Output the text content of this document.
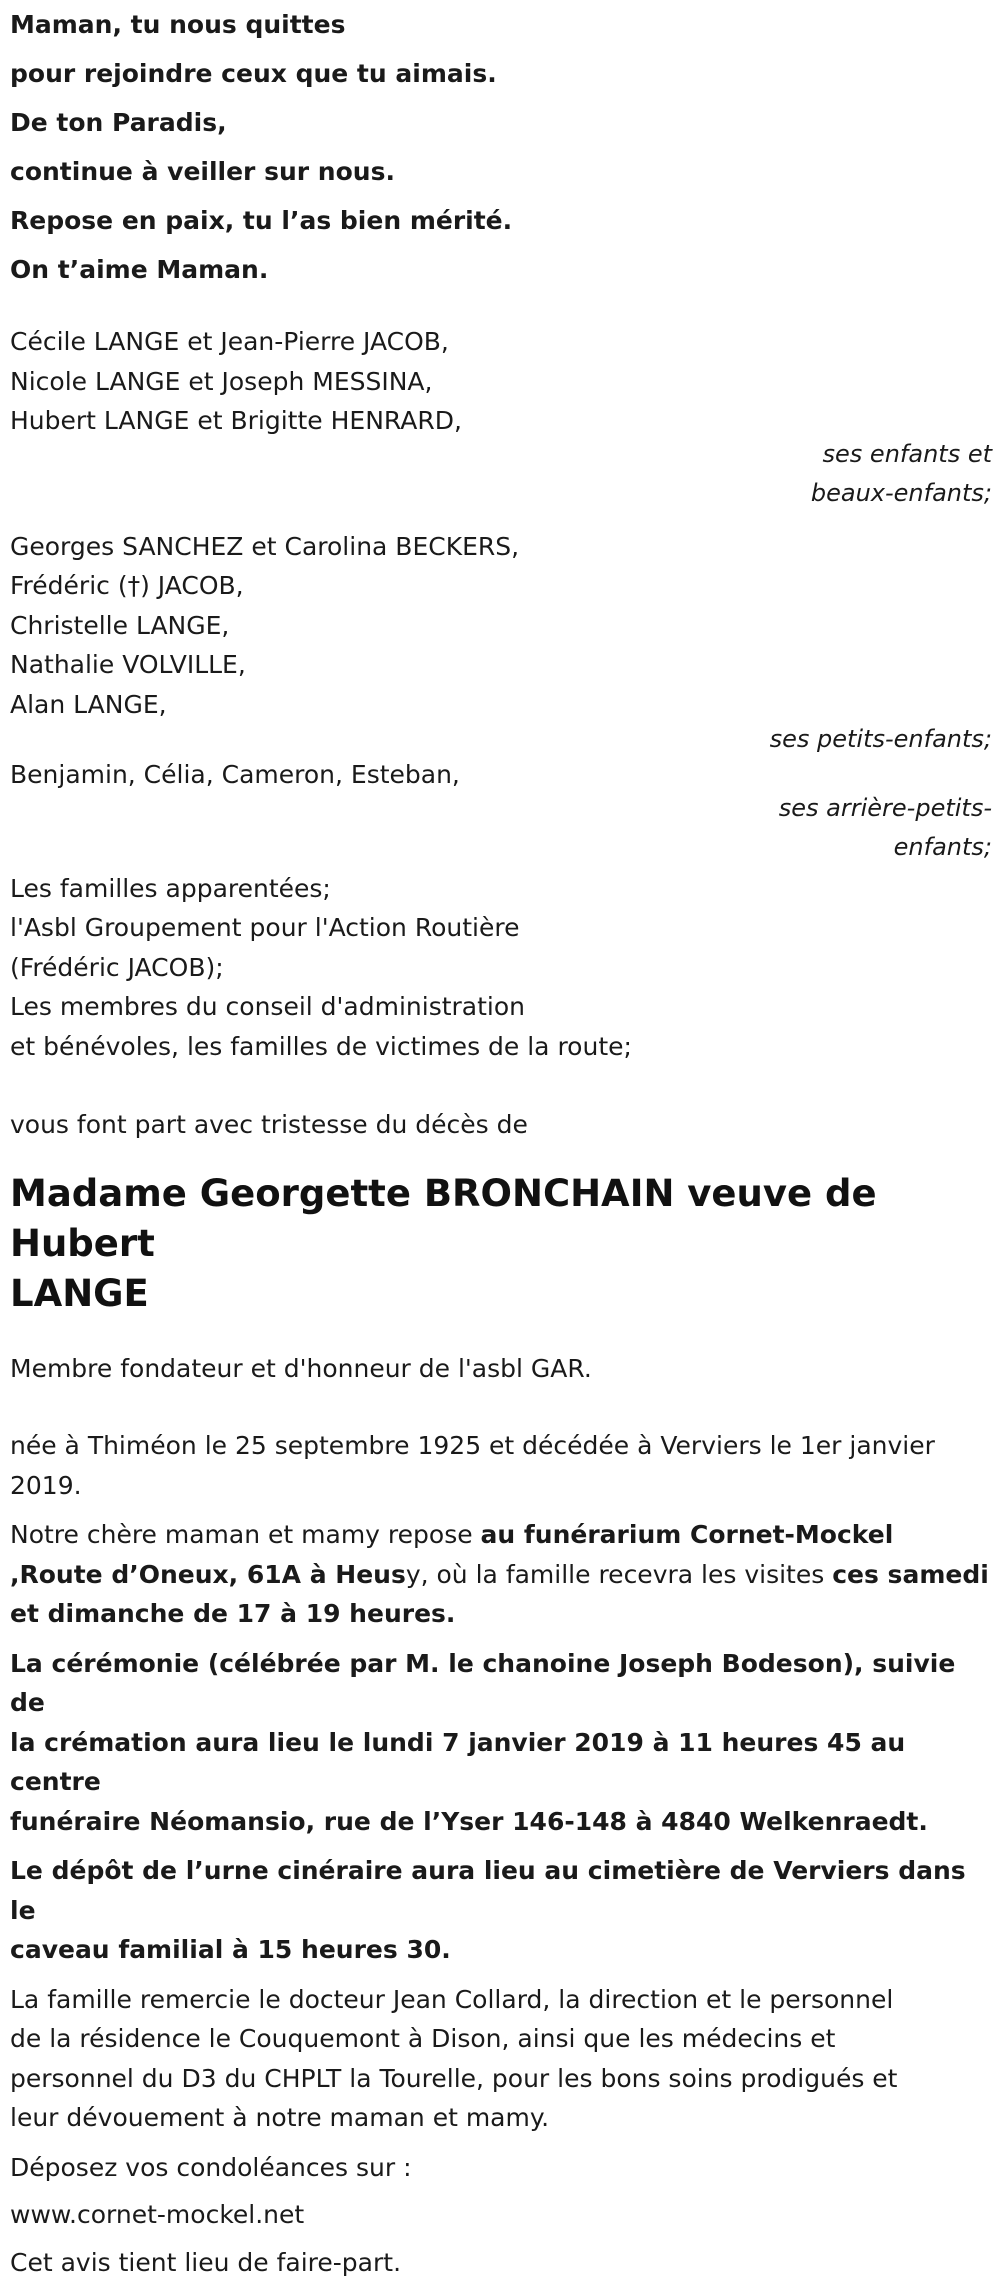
Maman, tu nous quittes

pour rejoindre ceux que tu aimais.

De ton Paradis,

continue à veiller sur nous.

Repose en paix, tu l’as bien mérité.

On t’aime Maman.

Cécile LANGE et Jean-Pierre JACOB,

Nicole LANGE et Joseph MESSINA,

Hubert LANGE et Brigitte HENRARD,

ses enfants et

beaux-enfants;

Georges SANCHEZ et Carolina BECKERS,

Frédéric (†) JACOB,

Christelle LANGE,

Nathalie VOLVILLE,

Alan LANGE,

ses petits-enfants;

Benjamin, Célia, Cameron, Esteban,

ses arrière-petits-

enfants;

Les familles apparentées;

l'Asbl Groupement pour l'Action Routière

(Frédéric JACOB);

Les membres du conseil d'administration

et bénévoles, les familles de victimes de la route;

vous font part avec tristesse du décès de

Madame Georgette BRONCHAIN veuve de Hubert

LANGE

Membre fondateur et d'honneur de l'asbl GAR.

née à Thiméon le 25 septembre 1925 et décédée à Verviers le 1er janvier

2019.

Notre chère maman et mamy repose au funérarium Cornet-Mockel

,Route d’Oneux, 61A à Heusy, où la famille recevra les visites ces samedi

et dimanche de 17 à 19 heures.

La cérémonie (célébrée par M. le chanoine Joseph Bodeson), suivie de

la crémation aura lieu le lundi 7 janvier 2019 à 11 heures 45 au centre

funéraire Néomansio, rue de l’Yser 146-148 à 4840 Welkenraedt.

Le dépôt de l’urne cinéraire aura lieu au cimetière de Verviers dans le

caveau familial à 15 heures 30.

La famille remercie le docteur Jean Collard, la direction et le personnel

de la résidence le Couquemont à Dison, ainsi que les médecins et

personnel du D3 du CHPLT la Tourelle, pour les bons soins prodigués et

leur dévouement à notre maman et mamy.

Déposez vos condoléances sur :

www.cornet-mockel.net

Cet avis tient lieu de faire-part.
